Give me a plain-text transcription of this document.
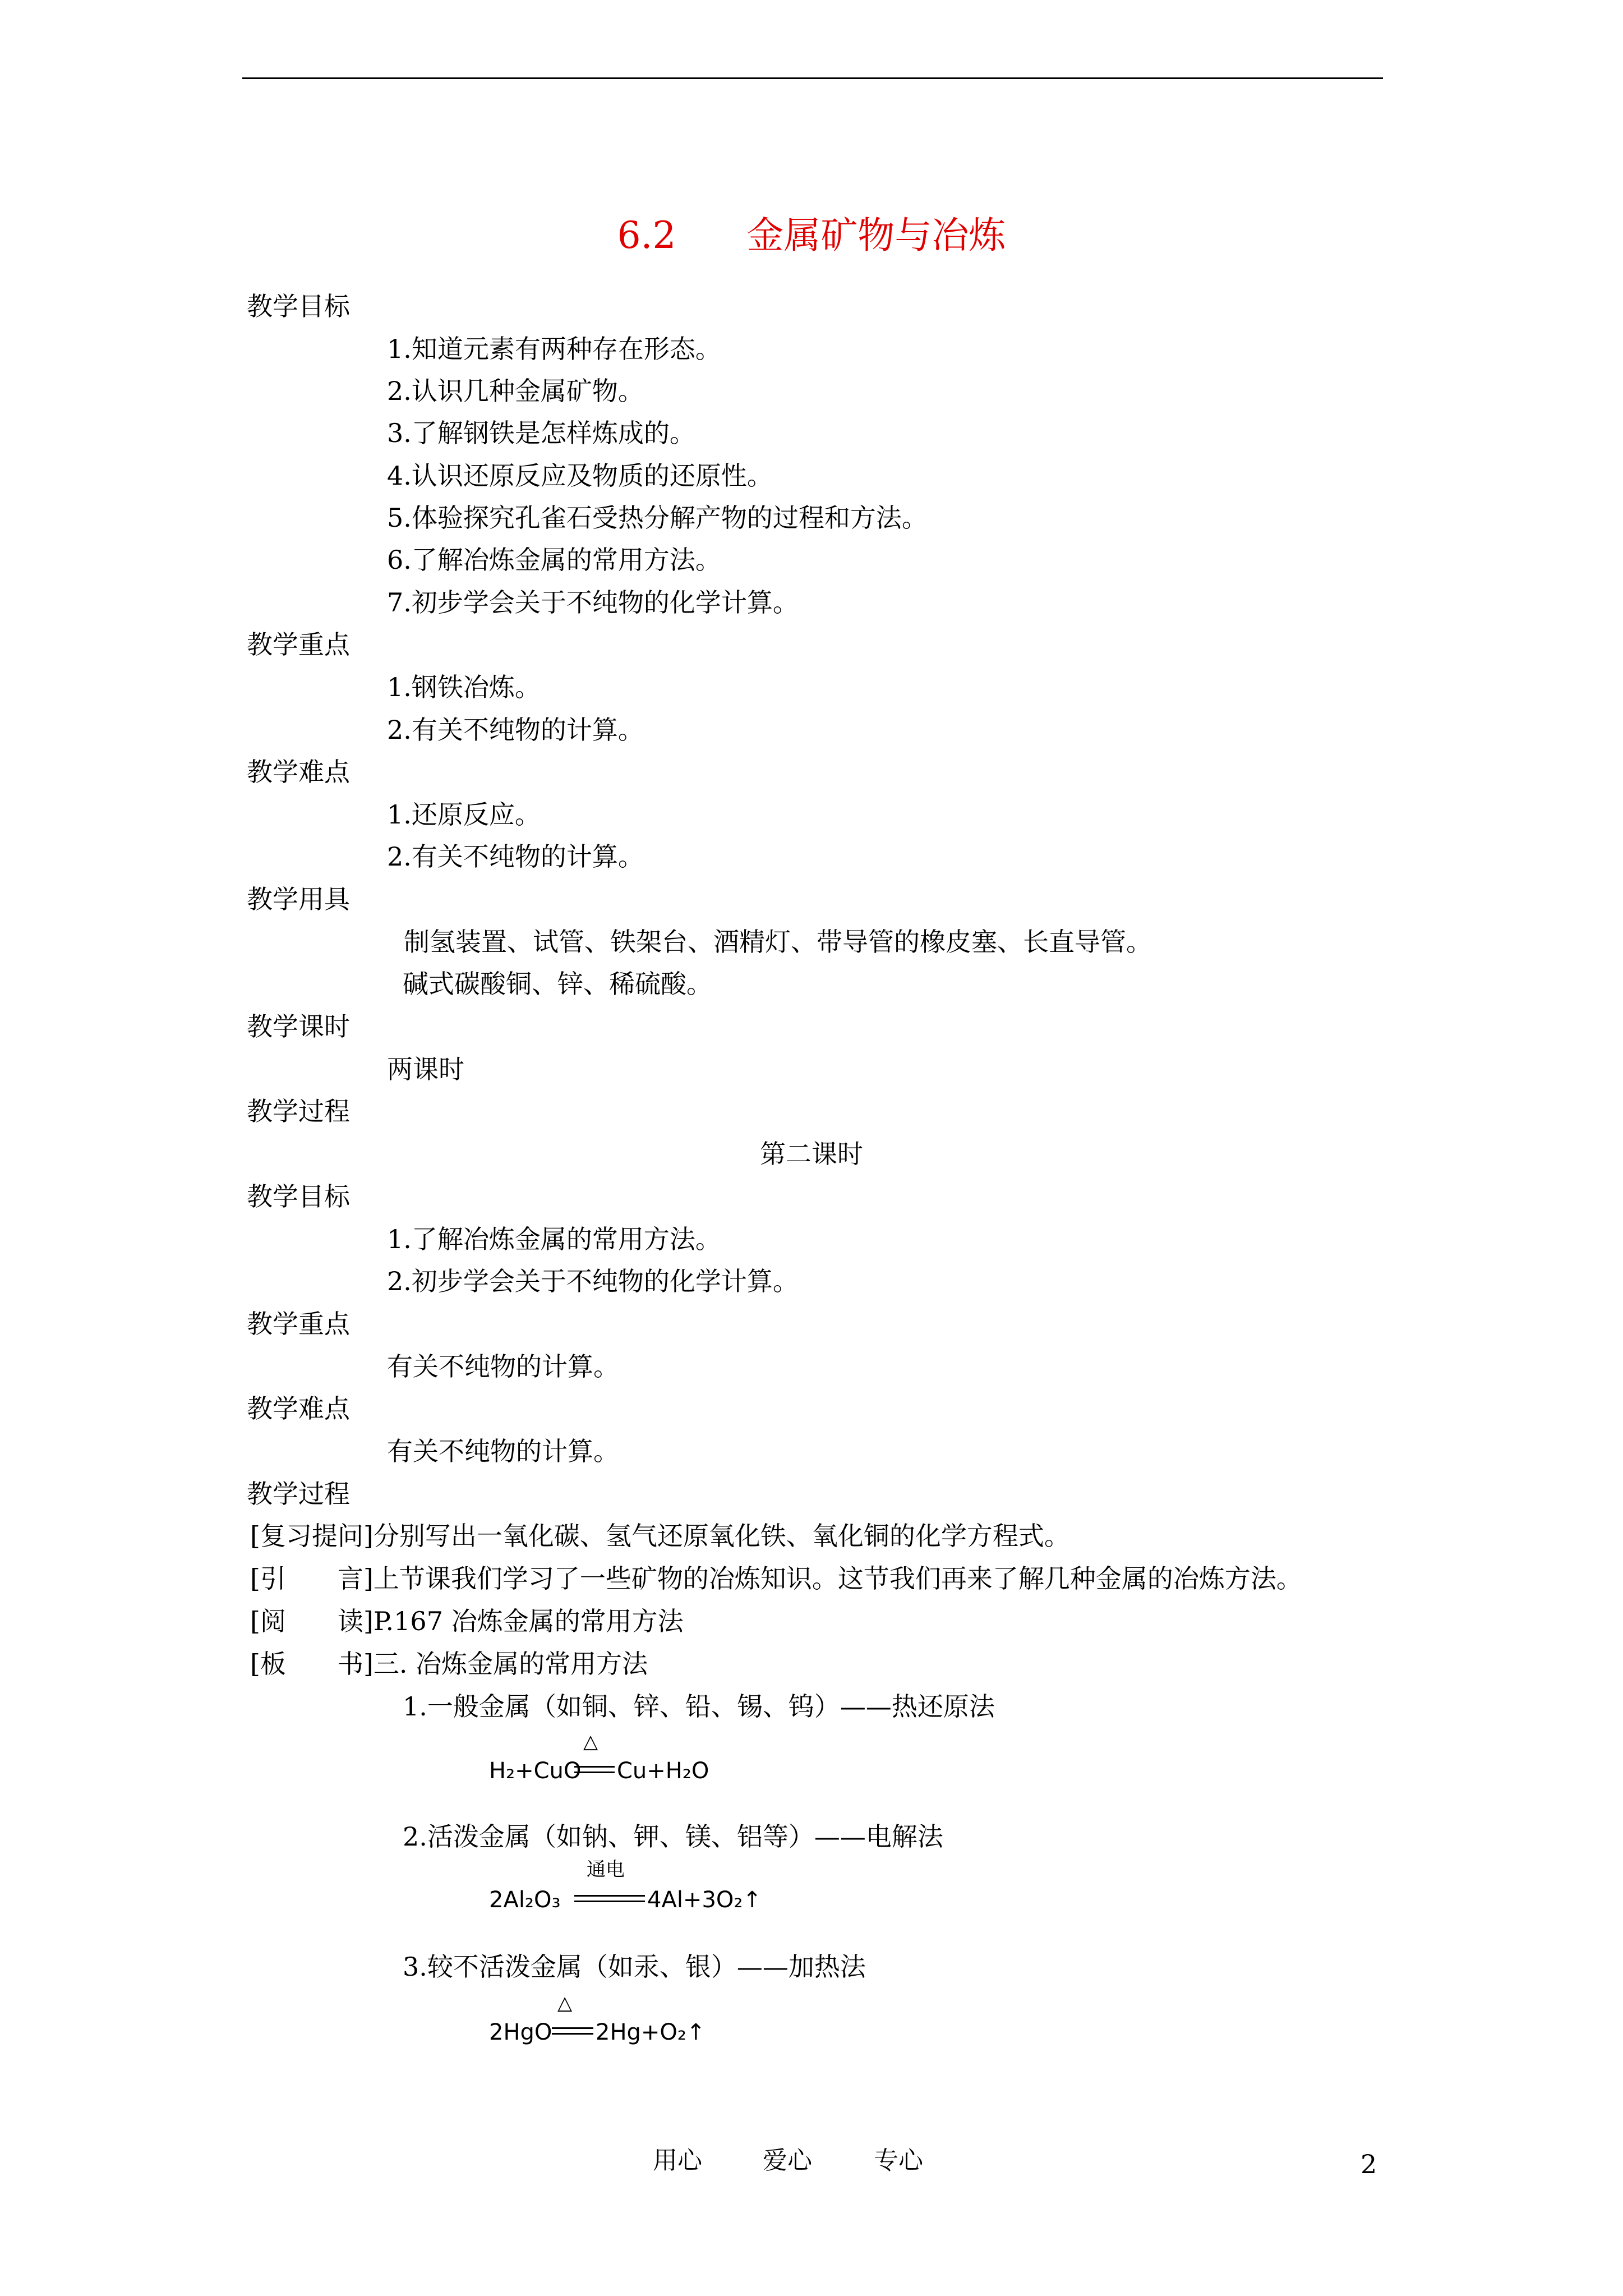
6.2 金属矿物与冶炼
教学目标
1.知道元素有两种存在形态。
2.认识几种金属矿物。
3.了解钢铁是怎样炼成的。
4.认识还原反应及物质的还原性。
5.体验探究孔雀石受热分解产物的过程和方法。
6.了解冶炼金属的常用方法。
7.初步学会关于不纯物的化学计算。
教学重点
1.钢铁冶炼。
2.有关不纯物的计算。
教学难点
1.还原反应。
2.有关不纯物的计算。
教学用具
制氢装置、试管、铁架台、酒精灯、带导管的橡皮塞、长直导管。
碱式碳酸铜、锌、稀硫酸。
教学课时
两课时
教学过程
第二课时
教学目标
1.了解冶炼金属的常用方法。
2.初步学会关于不纯物的化学计算。
教学重点
有关不纯物的计算。
教学难点
有关不纯物的计算。
教学过程
[复习提问]分别写出一氧化碳、氢气还原氧化铁、氧化铜的化学方程式。
[引　　言]上节课我们学习了一些矿物的冶炼知识。这节我们再来了解几种金属的冶炼方法。
[阅　　读]P.167 冶炼金属的常用方法
[板　　书]三. 冶炼金属的常用方法
1.一般金属（如铜、锌、铅、锡、钨）——热还原法
H₂+CuO
△
Cu+H₂O
2.活泼金属（如钠、钾、镁、铝等）——电解法
2Al₂O₃
通电
4Al+3O₂↑
3.较不活泼金属（如汞、银）——加热法
2HgO
△
2Hg+O₂↑
用心 爱心	专心	2
